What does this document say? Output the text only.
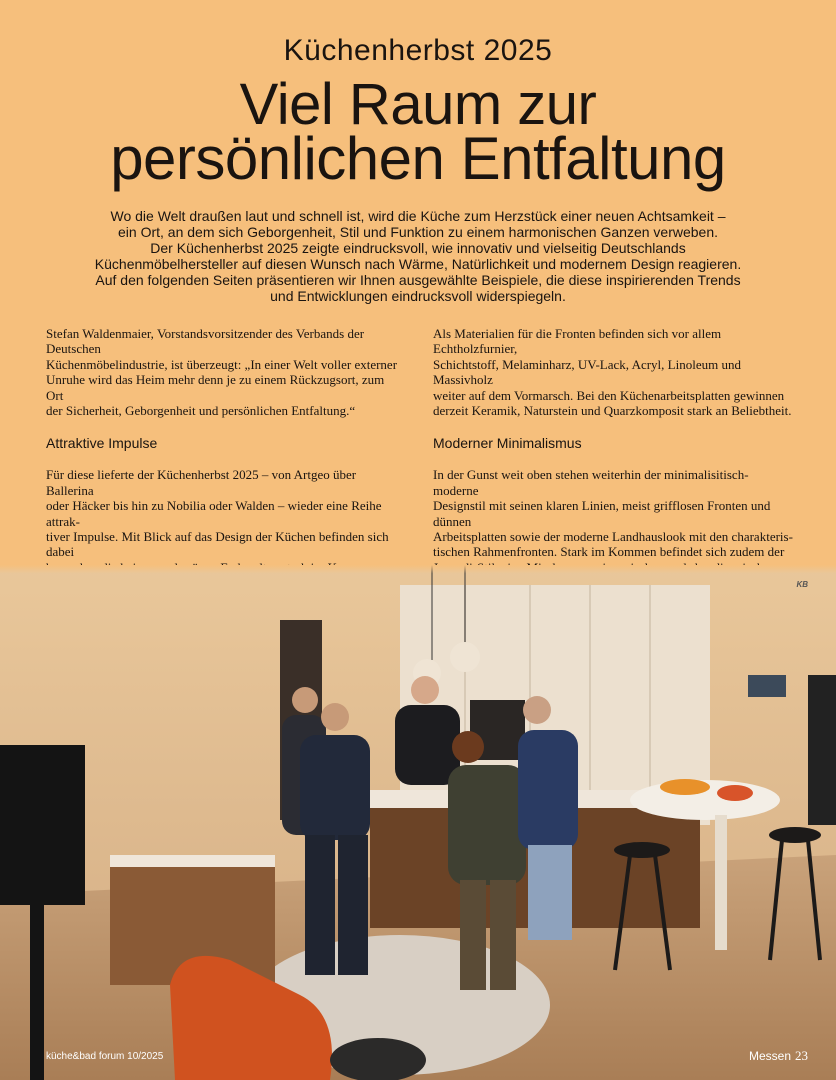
Küchenherbst 2025
Viel Raum zur
persönlichen Entfaltung
Wo die Welt draußen laut und schnell ist, wird die Küche zum Herzstück einer neuen Achtsamkeit –
ein Ort, an dem sich Geborgenheit, Stil und Funktion zu einem harmonischen Ganzen verweben.
Der Küchenherbst 2025 zeigte eindrucksvoll, wie innovativ und vielseitig Deutschlands
Küchenmöbelhersteller auf diesen Wunsch nach Wärme, Natürlichkeit und modernem Design reagieren.
Auf den folgenden Seiten präsentieren wir Ihnen ausgewählte Beispiele, die diese inspirierenden Trends
und Entwicklungen eindrucksvoll widerspiegeln.

Stefan Waldenmaier, Vorstandsvorsitzender des Verbands der Deutschen

Küchenmöbelindustrie, ist überzeugt: „In einer Welt voller externer

Unruhe wird das Heim mehr denn je zu einem Rückzugsort, zum Ort

der Sicherheit, Geborgenheit und persönlichen Entfaltung.“

Attraktive Impulse

Für diese lieferte der Küchenherbst 2025 – von Artgeo über Ballerina

oder Häcker bis hin zu Nobilia oder Walden – wieder eine Reihe attrak-

tiver Impulse. Mit Blick auf das Design der Küchen befinden sich dabei

Als Materialien für die Fronten befinden sich vor allem Echtholzfurnier,

Schichtstoff, Melaminharz, UV-Lack, Acryl, Linoleum und Massivholz

weiter auf dem Vormarsch. Bei den Küchenarbeitsplatten gewinnen

derzeit Keramik, Naturstein und Quarzkomposit stark an Beliebtheit.

Moderner Minimalismus

In der Gunst weit oben stehen weiterhin der minimalisitisch-moderne

Designstil mit seinen klaren Linien, meist grifflosen Fronten und dünnen

Arbeitsplatten sowie der moderne Landhauslook mit den charakteris-

tischen Rahmenfronten. Stark im Kommen befindet sich zudem der

KB
küche&bad forum 10/2025	Messen 23
